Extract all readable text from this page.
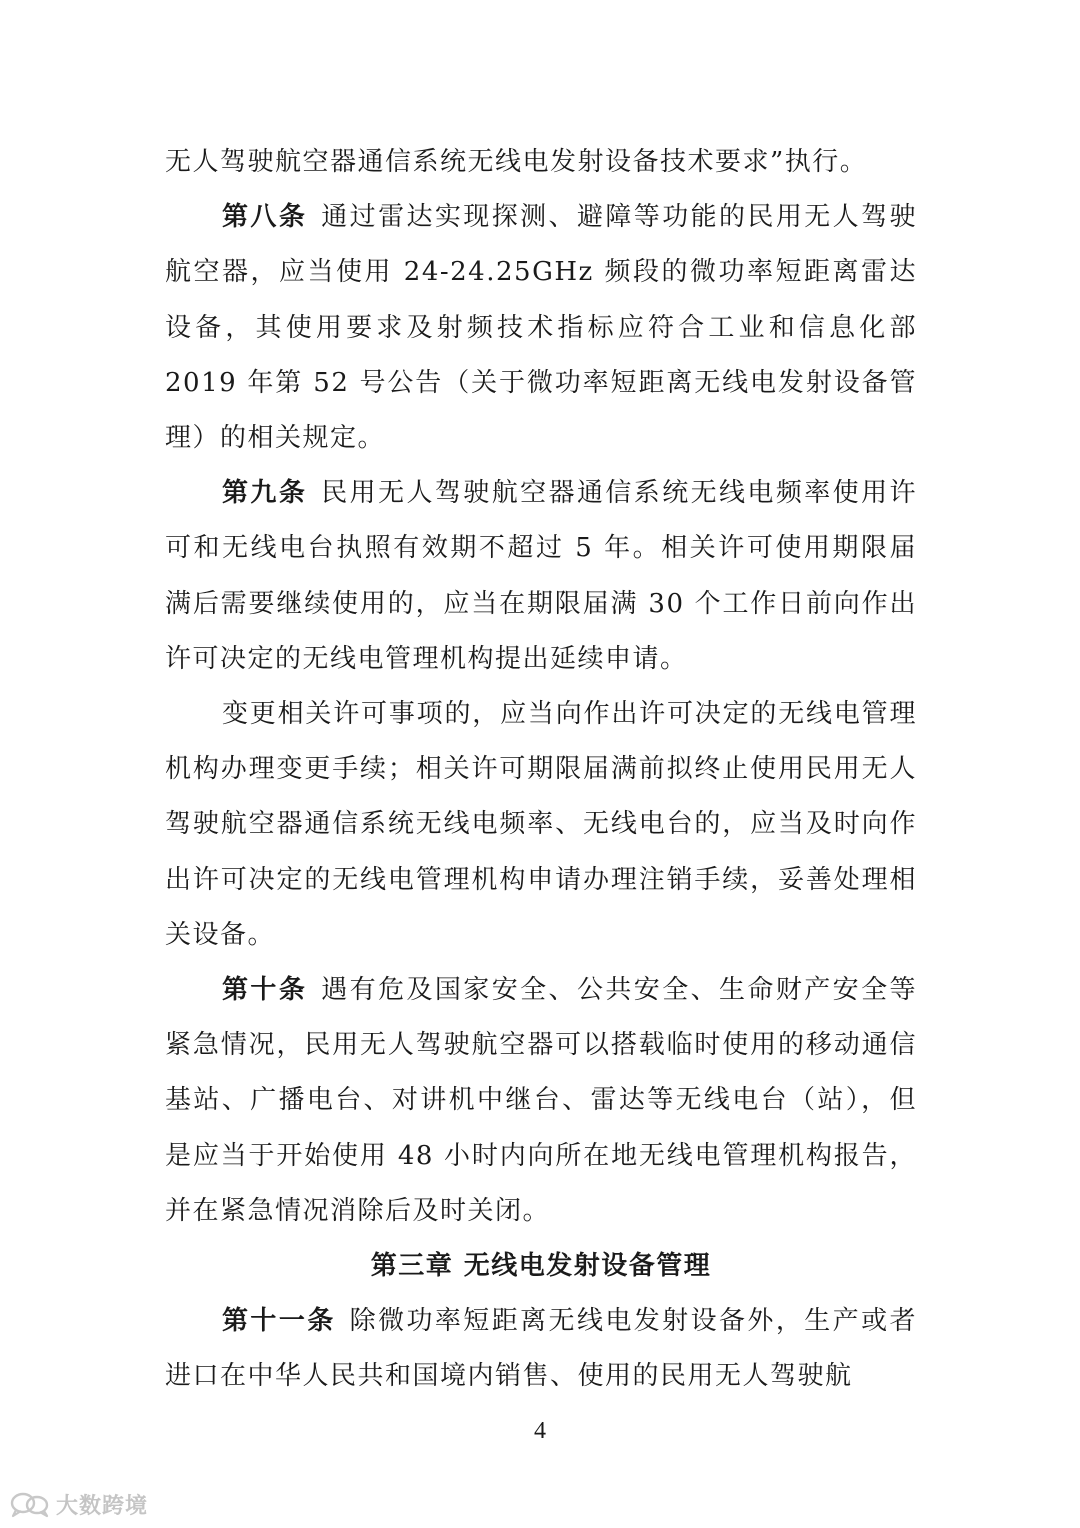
无人驾驶航空器通信系统无线电发射设备技术要求”执行。

第八条 通过雷达实现探测、避障等功能的民用无人驾驶航空器，应当使用 24-24.25GHz 频段的微功率短距离雷达设备，其使用要求及射频技术指标应符合工业和信息化部 2019 年第 52 号公告（关于微功率短距离无线电发射设备管理）的相关规定。

第九条 民用无人驾驶航空器通信系统无线电频率使用许可和无线电台执照有效期不超过 5 年。相关许可使用期限届满后需要继续使用的，应当在期限届满 30 个工作日前向作出许可决定的无线电管理机构提出延续申请。

变更相关许可事项的，应当向作出许可决定的无线电管理机构办理变更手续；相关许可期限届满前拟终止使用民用无人驾驶航空器通信系统无线电频率、无线电台的，应当及时向作出许可决定的无线电管理机构申请办理注销手续，妥善处理相关设备。

第十条 遇有危及国家安全、公共安全、生命财产安全等紧急情况，民用无人驾驶航空器可以搭载临时使用的移动通信基站、广播电台、对讲机中继台、雷达等无线电台（站），但是应当于开始使用 48 小时内向所在地无线电管理机构报告，并在紧急情况消除后及时关闭。

第三章 无线电发射设备管理

第十一条 除微功率短距离无线电发射设备外，生产或者进口在中华人民共和国境内销售、使用的民用无人驾驶航

4
大数跨境
